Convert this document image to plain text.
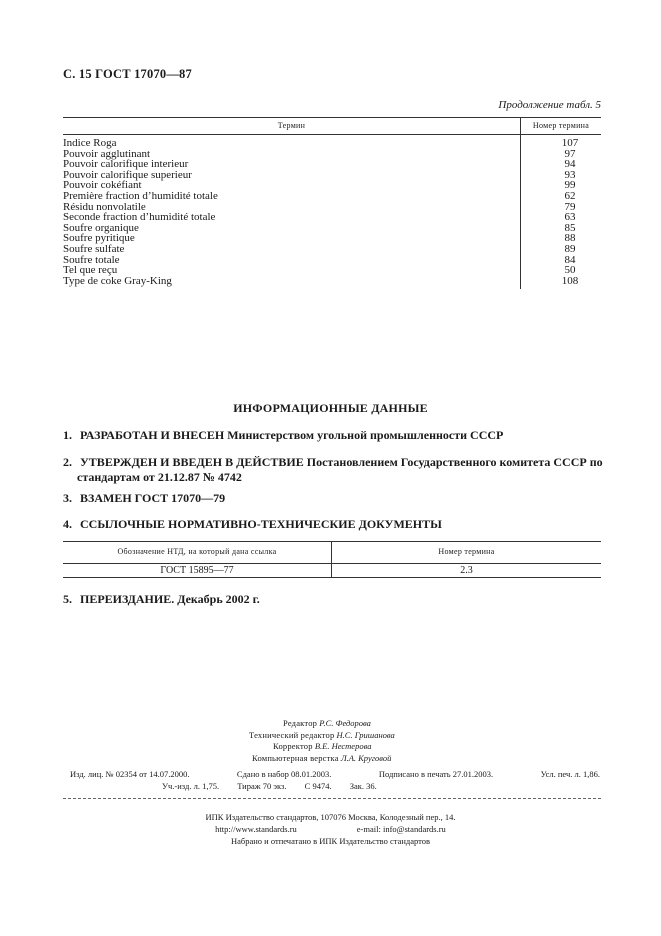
С. 15 ГОСТ 17070—87
Продолжение табл. 5
Термин	Номер термина
Indice Roga	107
Pouvoir agglutinant	97
Pouvoir calorifique interieur	94
Pouvoir calorifique superieur	93
Pouvoir cokéfiant	99
Première fraction d’humidité totale	62
Résidu nonvolatile	79
Seconde fraction d’humidité totale	63
Soufre organique	85
Soufre pyritique	88
Soufre sulfate	89
Soufre totale	84
Tel que reçu	50
Type de coke Gray-King	108
ИНФОРМАЦИОННЫЕ ДАННЫЕ
1. РАЗРАБОТАН И ВНЕСЕН Министерством угольной промышленности СССР
2. УТВЕРЖДЕН И ВВЕДЕН В ДЕЙСТВИЕ Постановлением Государственного комитета СССР по
стандартам от 21.12.87 № 4742
3. ВЗАМЕН ГОСТ 17070—79
4. ССЫЛОЧНЫЕ НОРМАТИВНО-ТЕХНИЧЕСКИЕ ДОКУМЕНТЫ
Обозначение НТД, на который дана ссылка	Номер термина
ГОСТ 15895—77	2.3
5. ПЕРЕИЗДАНИЕ. Декабрь 2002 г.
Редактор Р.С. Федорова
Технический редактор Н.С. Гришанова
Корректор В.Е. Нестерова
Компьютерная верстка Л.А. Круговой
Изд. лиц. № 02354 от 14.07.2000.	Сдано в набор 08.01.2003.	Подписано в печать 27.01.2003.	Усл. печ. л. 1,86.
Уч.-изд. л. 1,75. Тираж 70 экз. С 9474. Зак. 36.
ИПК Издательство стандартов, 107076 Москва, Колодезный пер., 14.
http://www.standards.ru	e-mail: info@standards.ru
Набрано и отпечатано в ИПК Издательство стандартов
